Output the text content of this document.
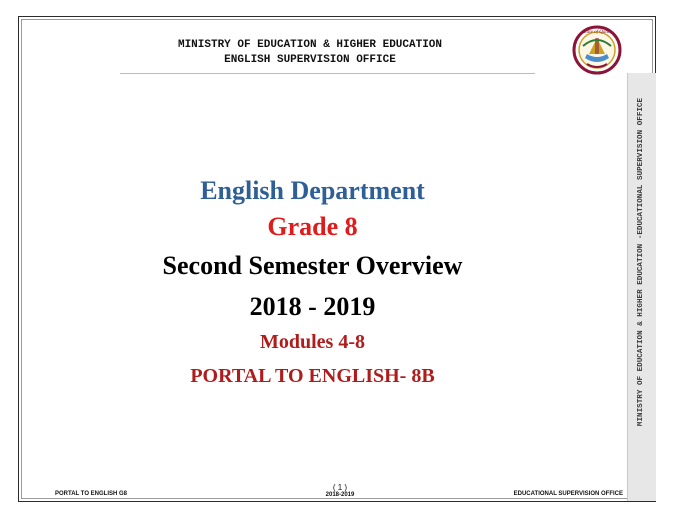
MINISTRY OF EDUCATION & HIGHER EDUCATION
ENGLISH SUPERVISION OFFICE
State of Qatar
MINISTRY OF EDUCATION & HIGHER EDUCATION -EDUCATIONAL SUPERVISION OFFICE
English Department
Grade 8
Second Semester Overview
2018 - 2019
Modules 4-8
PORTAL TO ENGLISH- 8B
PORTAL TO ENGLISH G8
( 1 )
2018-2019	EDUCATIONAL SUPERVISION OFFICE
